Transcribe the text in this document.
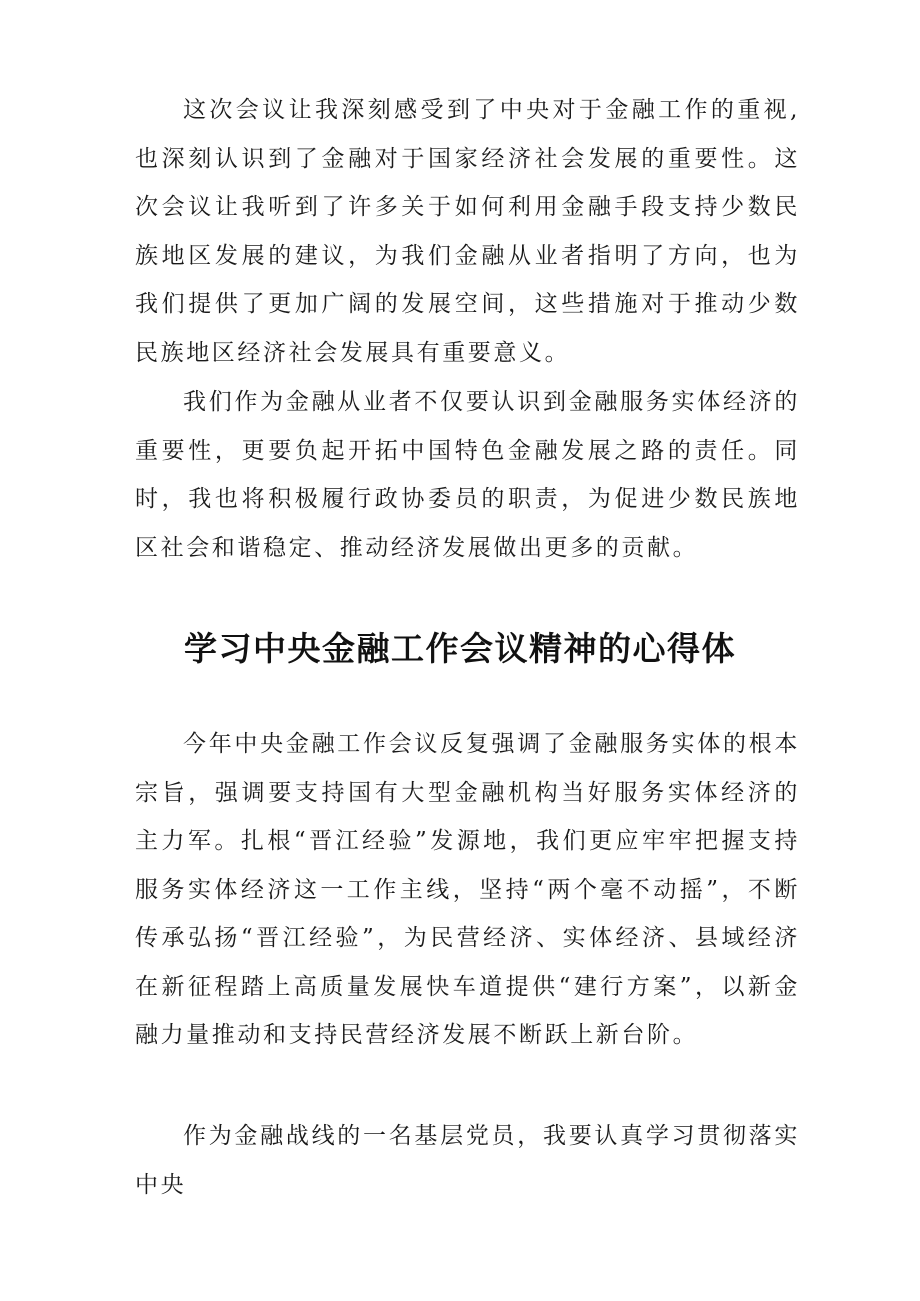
这次会议让我深刻感受到了中央对于金融工作的重视,也深刻认识到了金融对于国家经济社会发展的重要性。这次会议让我听到了许多关于如何利用金融手段支持少数民族地区发展的建议，为我们金融从业者指明了方向，也为我们提供了更加广阔的发展空间，这些措施对于推动少数民族地区经济社会发展具有重要意义。

我们作为金融从业者不仅要认识到金融服务实体经济的重要性，更要负起开拓中国特色金融发展之路的责任。同时，我也将积极履行政协委员的职责，为促进少数民族地区社会和谐稳定、推动经济发展做出更多的贡献。

学习中央金融工作会议精神的心得体

今年中央金融工作会议反复强调了金融服务实体的根本宗旨，强调要支持国有大型金融机构当好服务实体经济的主力军。扎根“晋江经验”发源地，我们更应牢牢把握支持服务实体经济这一工作主线，坚持“两个毫不动摇”，不断传承弘扬“晋江经验”，为民营经济、实体经济、县域经济在新征程踏上高质量发展快车道提供“建行方案”，以新金融力量推动和支持民营经济发展不断跃上新台阶。

作为金融战线的一名基层党员，我要认真学习贯彻落实中央
